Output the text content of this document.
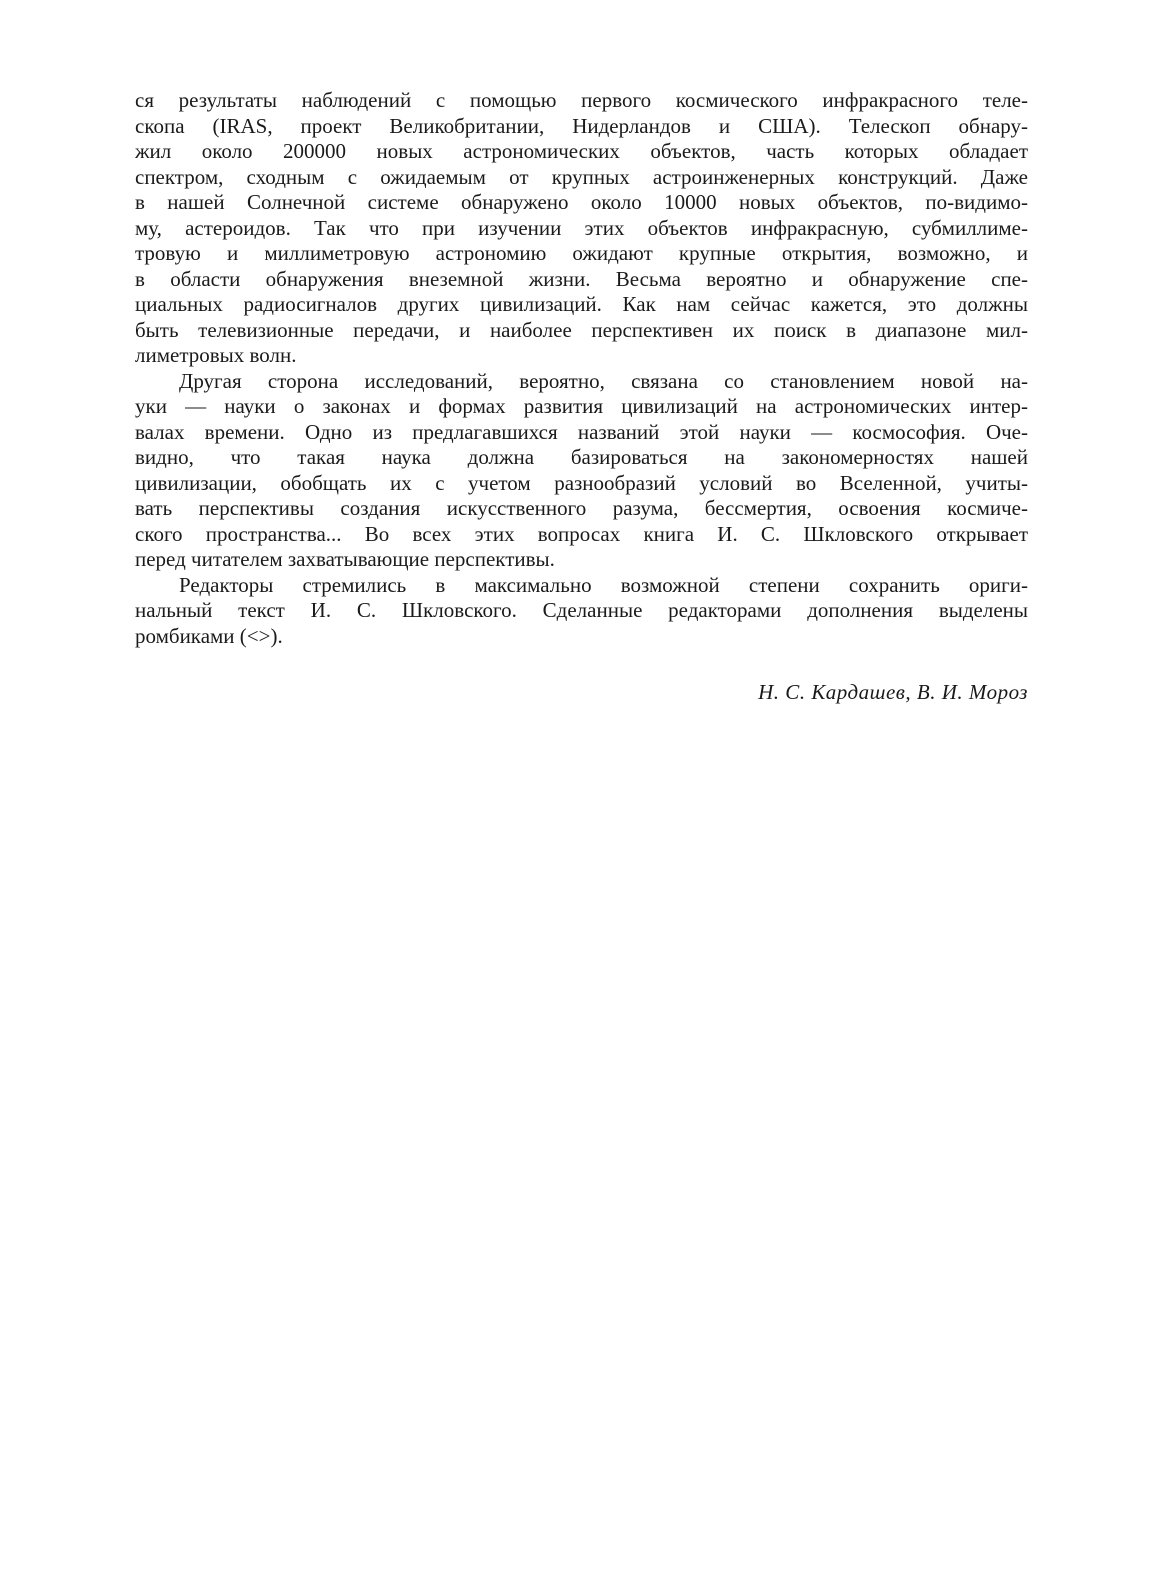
ся результаты наблюдений с помощью первого космического инфракрасного теле-
скопа (IRAS, проект Великобритании, Нидерландов и США). Телескоп обнару-
жил около 200000 новых астрономических объектов, часть которых обладает
спектром, сходным с ожидаемым от крупных астроинженерных конструкций. Даже
в нашей Солнечной системе обнаружено около 10000 новых объектов, по-видимо-
му, астероидов. Так что при изучении этих объектов инфракрасную, субмиллиме-
тровую и миллиметровую астрономию ожидают крупные открытия, возможно, и
в области обнаружения внеземной жизни. Весьма вероятно и обнаружение спе-
циальных радиосигналов других цивилизаций. Как нам сейчас кажется, это должны
быть телевизионные передачи, и наиболее перспективен их поиск в диапазоне мил-
лиметровых волн.
Другая сторона исследований, вероятно, связана со становлением новой на-
уки — науки о законах и формах развития цивилизаций на астрономических интер-
валах времени. Одно из предлагавшихся названий этой науки — космософия. Оче-
видно, что такая наука должна базироваться на закономерностях нашей
цивилизации, обобщать их с учетом разнообразий условий во Вселенной, учиты-
вать перспективы создания искусственного разума, бессмертия, освоения космиче-
ского пространства... Во всех этих вопросах книга И. С. Шкловского открывает
перед читателем захватывающие перспективы.
Редакторы стремились в максимально возможной степени сохранить ориги-
нальный текст И. С. Шкловского. Сделанные редакторами дополнения выделены
ромбиками (<>).
Н. С. Кардашев, В. И. Мороз
